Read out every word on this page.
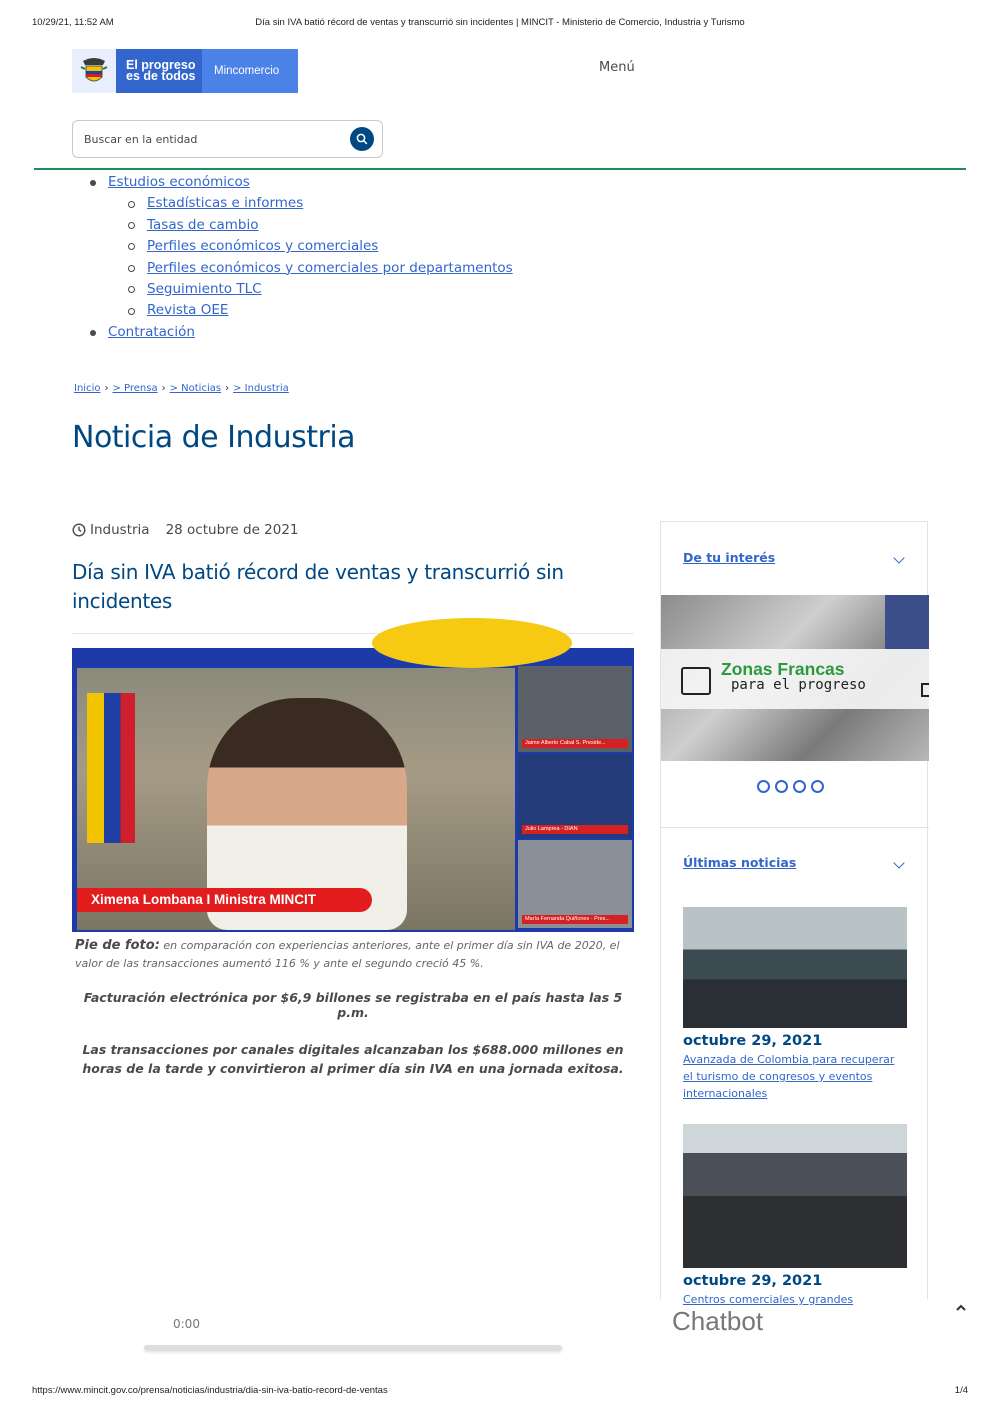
10/29/21, 11:52 AM	Día sin IVA batió récord de ventas y transcurrió sin incidentes | MINCIT - Ministerio de Comercio, Industria y Turismo
El progreso
es de todos	Mincomercio	Menú
Buscar en la entidad
Estudios económicos
Estadísticas e informes
Tasas de cambio
Perfiles económicos y comerciales
Perfiles económicos y comerciales por departamentos
Seguimiento TLC
Revista OEE
Contratación
Inicio › > Prensa › > Noticias › > Industria
Noticia de Industria
Industria 28 octubre de 2021
Día sin IVA batió récord de ventas y transcurrió sin incidentes
Ximena Lombana I Ministra MINCIT
Jaime Alberto Cabal S. Preside...
Julio Lamprea - DIAN
María Fernanda Quiñones - Pres...

Pie de foto: en comparación con experiencias anteriores, ante el primer día sin IVA de 2020, el valor de las transacciones aumentó 116 % y ante el segundo creció 45 %.

Facturación electrónica por $6,9 billones se registraba en el país hasta las 5 p.m.

Las transacciones por canales digitales alcanzaban los $688.000 millones en horas de la tarde y convirtieron al primer día sin IVA en una jornada exitosa.

De tu interés
Zonas Francas
para el progreso
Últimas noticias
octubre 29, 2021
Avanzada de Colombia para recuperar el turismo de congresos y eventos internacionales
octubre 29, 2021
Centros comerciales y grandes
0:00	Chatbot
https://www.mincit.gov.co/prensa/noticias/industria/dia-sin-iva-batio-record-de-ventas	1/4
